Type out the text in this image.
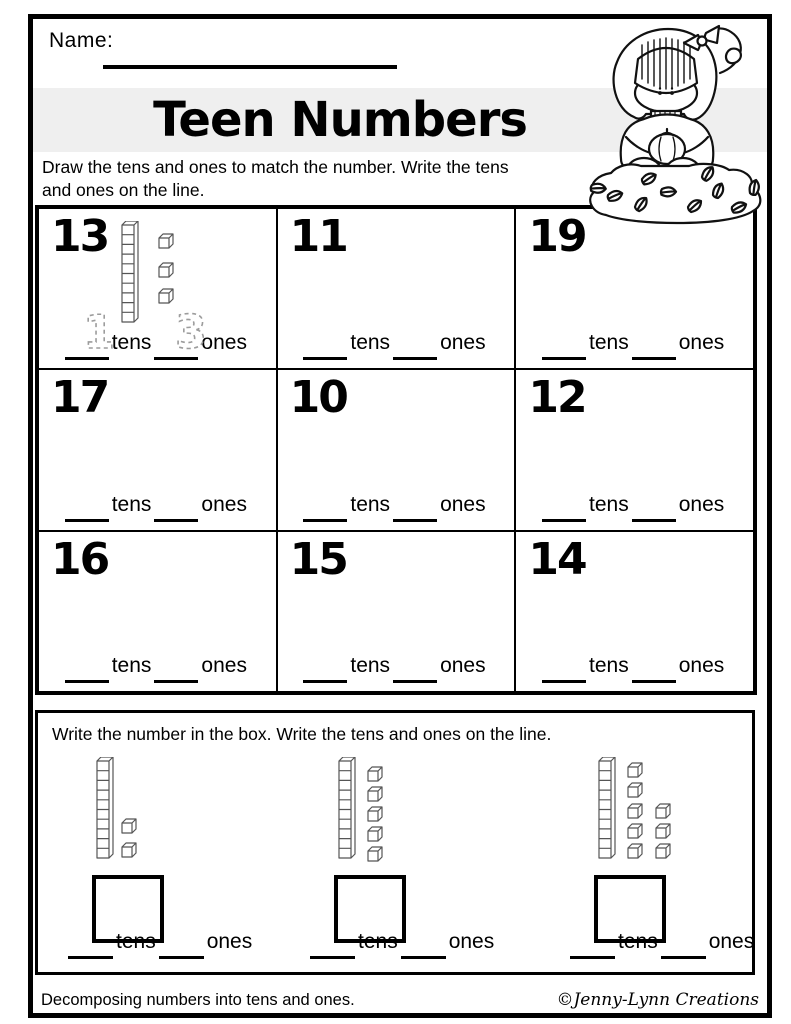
Name:
Teen Numbers
Draw the tens and ones to match the number. Write the tens
and ones on the line.
13
1 3
tens ones
11
tens ones
19
tens ones
17
tens ones
10
tens ones
12
tens ones
16
tens ones
15
tens ones
14
tens ones
Write the number in the box. Write the tens and ones on the line.
tens ones	tens ones	tens ones
Decomposing numbers into tens and ones.	©Jenny-Lynn Creations
